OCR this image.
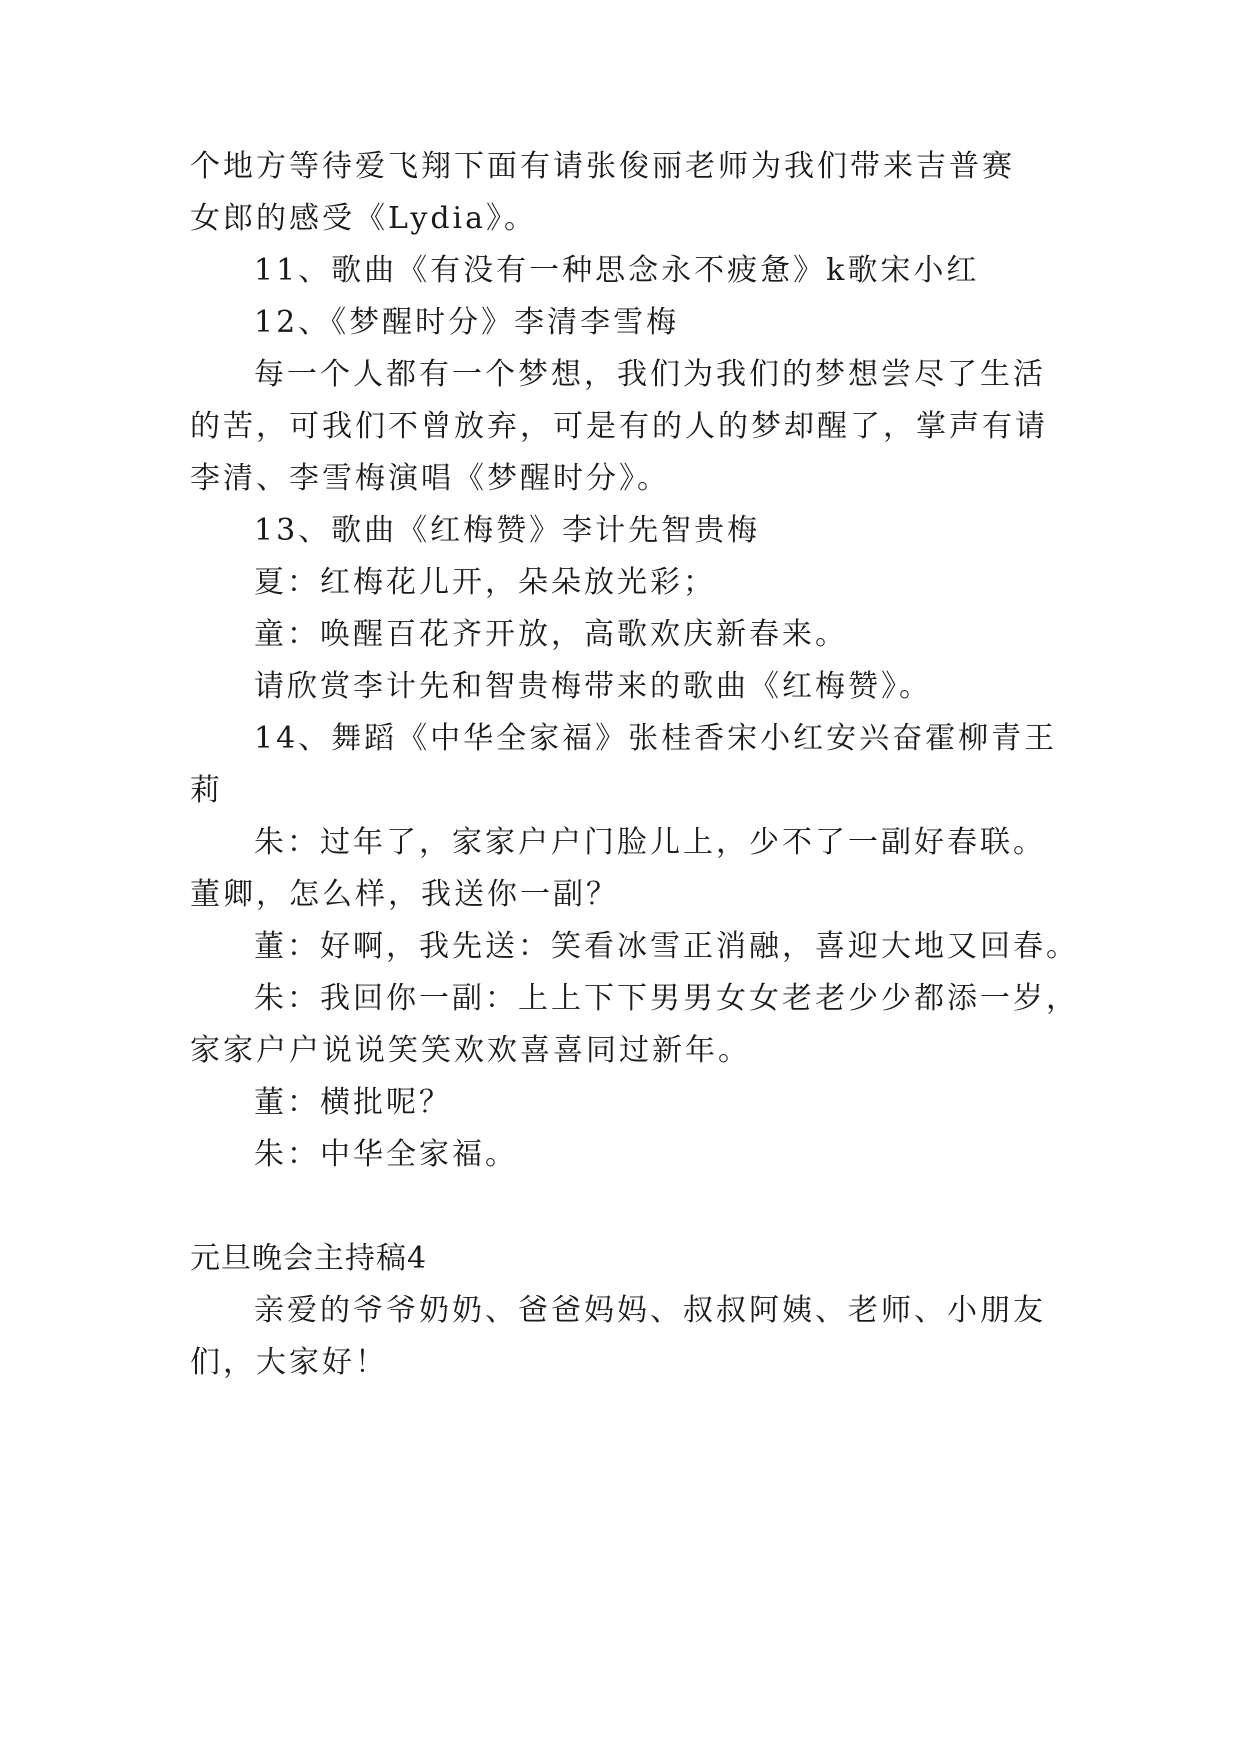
个地方等待爱飞翔下面有请张俊丽老师为我们带来吉普赛
女郎的感受《Lydia》。
11、歌曲《有没有一种思念永不疲惫》k歌宋小红
12、《梦醒时分》李清李雪梅
每一个人都有一个梦想，我们为我们的梦想尝尽了生活
的苦，可我们不曾放弃，可是有的人的梦却醒了，掌声有请
李清、李雪梅演唱《梦醒时分》。
13、歌曲《红梅赞》李计先智贵梅
夏：红梅花儿开，朵朵放光彩；
童：唤醒百花齐开放，高歌欢庆新春来。
请欣赏李计先和智贵梅带来的歌曲《红梅赞》。
14、舞蹈《中华全家福》张桂香宋小红安兴奋霍柳青王
莉
朱：过年了，家家户户门脸儿上，少不了一副好春联。
董卿，怎么样，我送你一副？
董：好啊，我先送：笑看冰雪正消融，喜迎大地又回春。
朱：我回你一副：上上下下男男女女老老少少都添一岁，
家家户户说说笑笑欢欢喜喜同过新年。
董：横批呢？
朱：中华全家福。
元旦晚会主持稿4
亲爱的爷爷奶奶、爸爸妈妈、叔叔阿姨、老师、小朋友
们，大家好！
